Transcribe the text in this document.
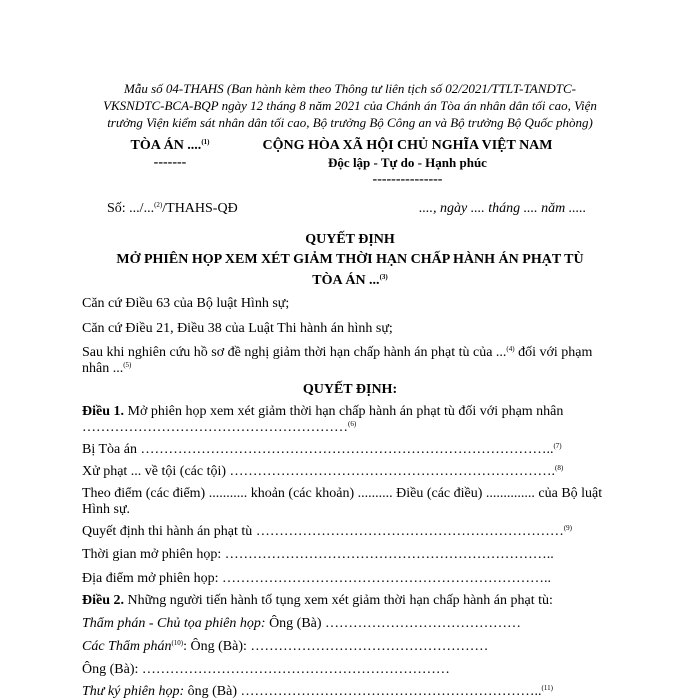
Mẫu số 04-THAHS (Ban hành kèm theo Thông tư liên tịch số 02/2021/TTLT-TANDTC-
VKSNDTC-BCA-BQP ngày 12 tháng 8 năm 2021 của Chánh án Tòa án nhân dân tối cao, Viện
trưởng Viện kiểm sát nhân dân tối cao, Bộ trưởng Bộ Công an và Bộ trưởng Bộ Quốc phòng)
TÒA ÁN ....$^{(1)}$
-------
CỘNG HÒA XÃ HỘI CHỦ NGHĨA VIỆT NAM
Độc lập - Tự do - Hạnh phúc
---------------
Số: .../...$^{(2)}$/THAHS-QĐ	...., ngày .... tháng .... năm .....
QUYẾT ĐỊNH
MỞ PHIÊN HỌP XEM XÉT GIẢM THỜI HẠN CHẤP HÀNH ÁN PHẠT TÙ
TÒA ÁN ...$^{(3)}$
Căn cứ Điều 63 của Bộ luật Hình sự;
Căn cứ Điều 21, Điều 38 của Luật Thi hành án hình sự;
Sau khi nghiên cứu hồ sơ đề nghị giảm thời hạn chấp hành án phạt tù của ...$^{(4)}$ đối với phạm
nhân ...$^{(5)}$
QUYẾT ĐỊNH:
Điều 1. Mở phiên họp xem xét giảm thời hạn chấp hành án phạt tù đối với phạm nhân
…………………………………………………$^{(6)}$
Bị Tòa án ……………………………………………………………………………..$^{(7)}$
Xử phạt ... về tội (các tội) …………………………………………………………….$^{(8)}$
Theo điểm (các điểm) ........... khoản (các khoản) .......... Điều (các điều) .............. của Bộ luật
Hình sự.
Quyết định thi hành án phạt tù …………………………………………………………$^{(9)}$
Thời gian mở phiên họp: ……………………………………………………………..
Địa điểm mở phiên họp: ……………………………………………………………..
Điều 2. Những người tiến hành tố tụng xem xét giảm thời hạn chấp hành án phạt tù:
Thẩm phán - Chủ tọa phiên họp: Ông (Bà) ……………………………………
Các Thẩm phán$^{(10)}$: Ông (Bà): ……………………………………………
Ông (Bà): …………………………………………………………
Thư ký phiên họp: ông (Bà) ………………………………………………………..$^{(11)}$
